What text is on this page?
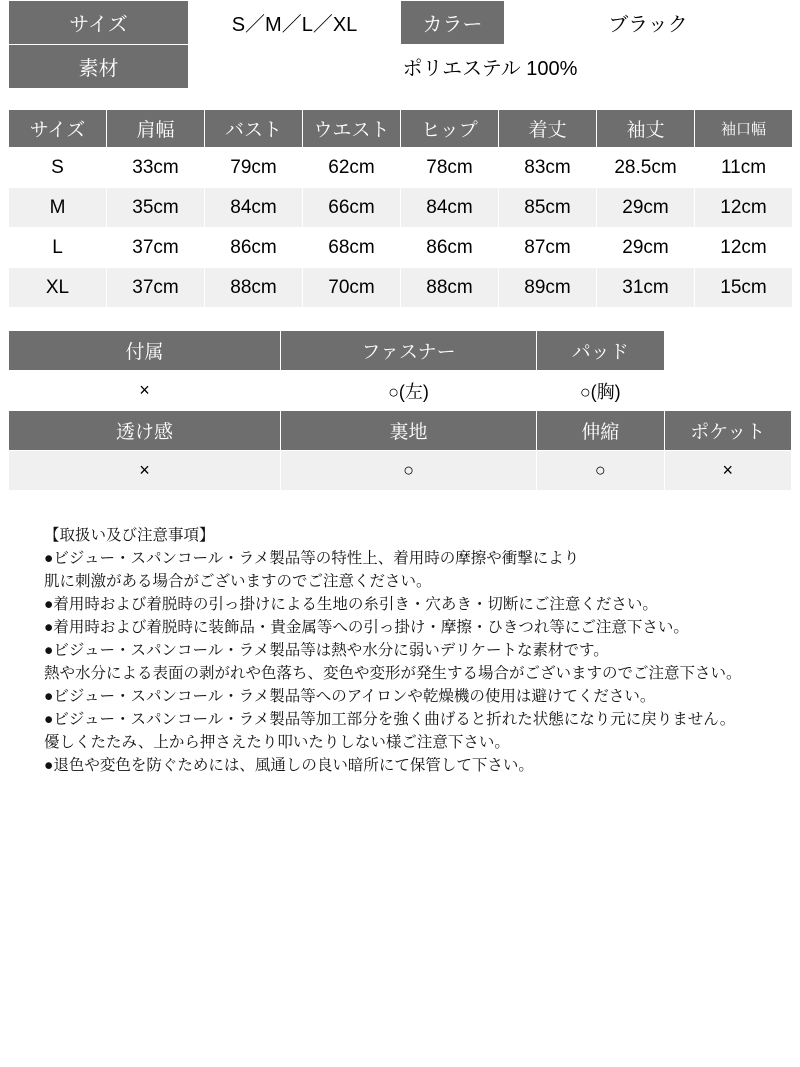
サイズ	S／M／L／XL	カラー	ブラック
素材	ポリエステル 100%		
サイズ	肩幅	バスト	ウエスト	ヒップ	着丈	袖丈	袖口幅
S	33cm	79cm	62cm	78cm	83cm	28.5cm	11cm
M	35cm	84cm	66cm	84cm	85cm	29cm	12cm
L	37cm	86cm	68cm	86cm	87cm	29cm	12cm
XL	37cm	88cm	70cm	88cm	89cm	31cm	15cm
付属	ファスナー	パッド	
×	○(左)	○(胸)	
透け感	裏地	伸縮	ポケット
×	○	○	×
【取扱い及び注意事項】
●ビジュー・スパンコール・ラメ製品等の特性上、着用時の摩擦や衝撃により
肌に刺激がある場合がございますのでご注意ください。
●着用時および着脱時の引っ掛けによる生地の糸引き・穴あき・切断にご注意ください。
●着用時および着脱時に装飾品・貴金属等への引っ掛け・摩擦・ひきつれ等にご注意下さい。
●ビジュー・スパンコール・ラメ製品等は熱や水分に弱いデリケートな素材です。
熱や水分による表面の剥がれや色落ち、変色や変形が発生する場合がございますのでご注意下さい。
●ビジュー・スパンコール・ラメ製品等へのアイロンや乾燥機の使用は避けてください。
●ビジュー・スパンコール・ラメ製品等加工部分を強く曲げると折れた状態になり元に戻りません。
優しくたたみ、上から押さえたり叩いたりしない様ご注意下さい。
●退色や変色を防ぐためには、風通しの良い暗所にて保管して下さい。
